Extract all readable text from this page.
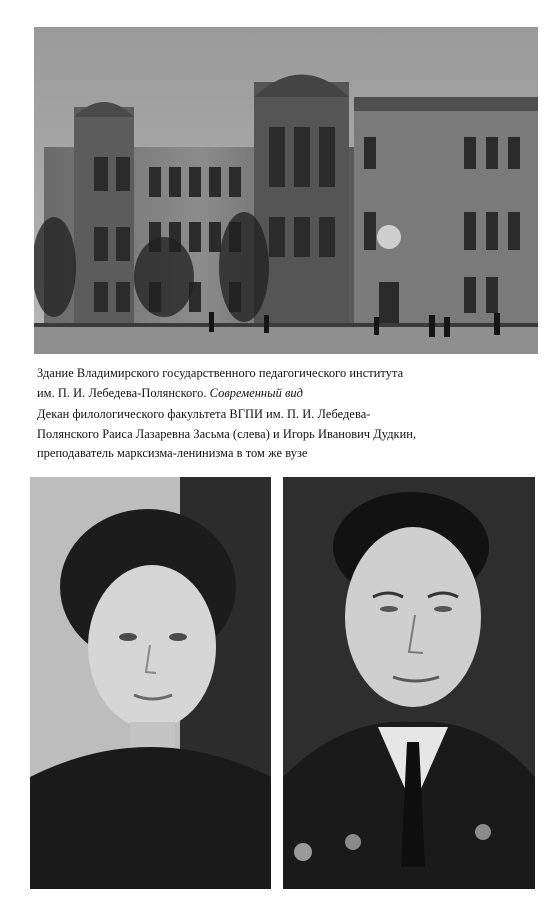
Здание Владимирского государственного педагогического института
им. П. И. Лебедева-Полянского. Современный вид
Декан филологического факультета ВГПИ им. П. И. Лебедева-
Полянского Раиса Лазаревна Засьма (слева) и Игорь Иванович Дудкин,
преподаватель марксизма-ленинизма в том же вузе
